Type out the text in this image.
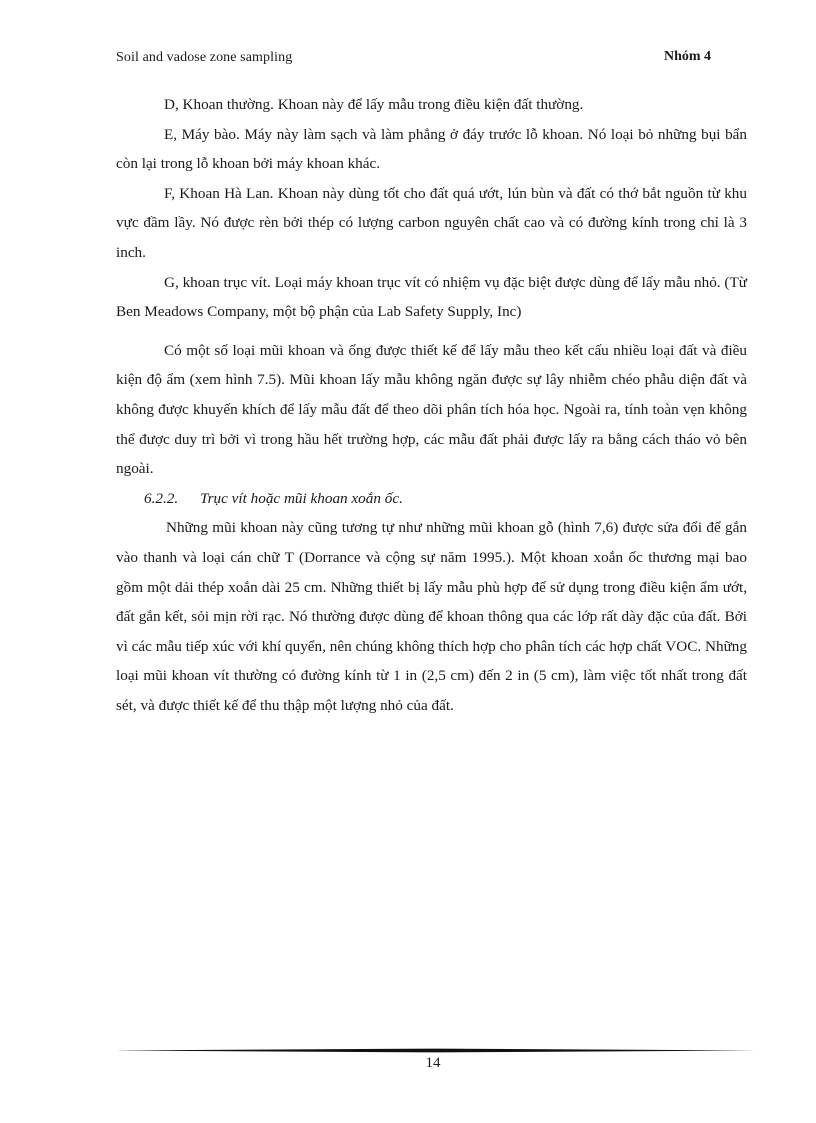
Soil and vadose zone sampling	Nhóm 4

D, Khoan thường. Khoan này để lấy mẫu trong điều kiện đất thường.

E, Máy bào. Máy này làm sạch và làm phẳng ở đáy trước lỗ khoan. Nó loại bỏ những bụi bẩn còn lại trong lỗ khoan bởi máy khoan khác.

F, Khoan Hà Lan. Khoan này dùng tốt cho đất quá ướt, lún bùn và đất có thớ bắt nguồn từ khu vực đầm lầy. Nó được rèn bởi thép có lượng carbon nguyên chất cao và có đường kính trong chỉ là 3 inch.

G, khoan trục vít. Loại máy khoan trục vít có nhiệm vụ đặc biệt được dùng để lấy mẫu nhỏ. (Từ Ben Meadows Company, một bộ phận của Lab Safety Supply, Inc)

Có một số loại mũi khoan và ống được thiết kế để lấy mẫu theo kết cấu nhiều loại đất và điều kiện độ ẩm (xem hình 7.5). Mũi khoan lấy mẫu không ngăn được sự lây nhiễm chéo phẫu diện đất và không được khuyến khích để lấy mẫu đất để theo dõi phân tích hóa học. Ngoài ra, tính toàn vẹn không thể được duy trì bởi vì trong hầu hết trường hợp, các mẫu đất phải được lấy ra bằng cách tháo vỏ bên ngoài.

6.2.2. Trục vít hoặc mũi khoan xoắn ốc.

Những mũi khoan này cũng tương tự như những mũi khoan gỗ (hình 7,6) được sửa đổi để gắn vào thanh và loại cán chữ T (Dorrance và cộng sự năm 1995.). Một khoan xoắn ốc thương mại bao gồm một dải thép xoắn dài 25 cm. Những thiết bị lấy mẫu phù hợp để sử dụng trong điều kiện ẩm ướt, đất gắn kết, sỏi mịn rời rạc. Nó thường được dùng để khoan thông qua các lớp rất dày đặc của đất. Bởi vì các mẫu tiếp xúc với khí quyển, nên chúng không thích hợp cho phân tích các hợp chất VOC. Những loại mũi khoan vít thường có đường kính từ 1 in (2,5 cm) đến 2 in (5 cm), làm việc tốt nhất trong đất sét, và được thiết kế để thu thập một lượng nhỏ của đất.

14
